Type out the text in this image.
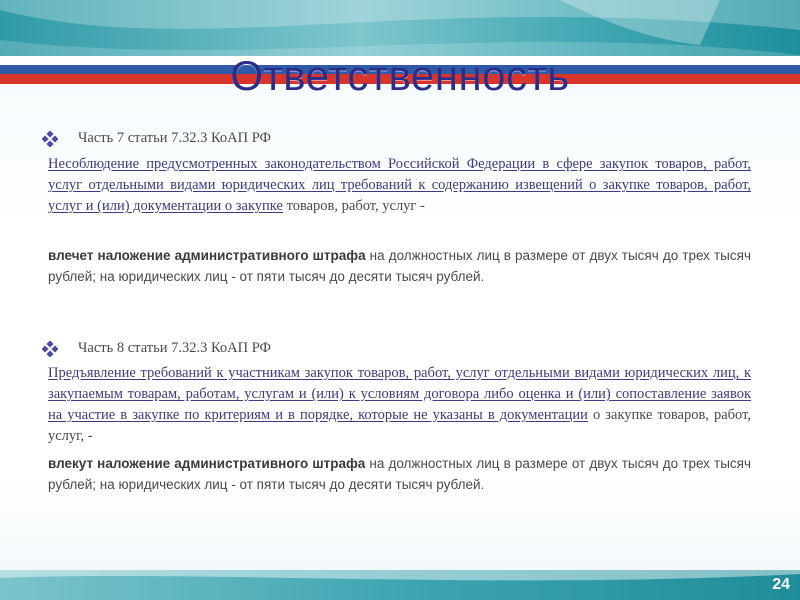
Ответственность
Часть 7 статьи 7.32.3 КоАП РФ
Несоблюдение предусмотренных законодательством Российской Федерации в сфере закупок товаров, работ, услуг отдельными видами юридических лиц требований к содержанию извещений о закупке товаров, работ, услуг и (или) документации о закупке товаров, работ, услуг -
влечет наложение административного штрафа на должностных лиц в размере от двух тысяч до трех тысяч рублей; на юридических лиц - от пяти тысяч до десяти тысяч рублей.
Часть 8 статьи 7.32.3 КоАП РФ
Предъявление требований к участникам закупок товаров, работ, услуг отдельными видами юридических лиц, к закупаемым товарам, работам, услугам и (или) к условиям договора либо оценка и (или) сопоставление заявок на участие в закупке по критериям и в порядке, которые не указаны в документации о закупке товаров, работ, услуг, -
влекут наложение административного штрафа на должностных лиц в размере от двух тысяч до трех тысяч рублей; на юридических лиц - от пяти тысяч до десяти тысяч рублей.
24
